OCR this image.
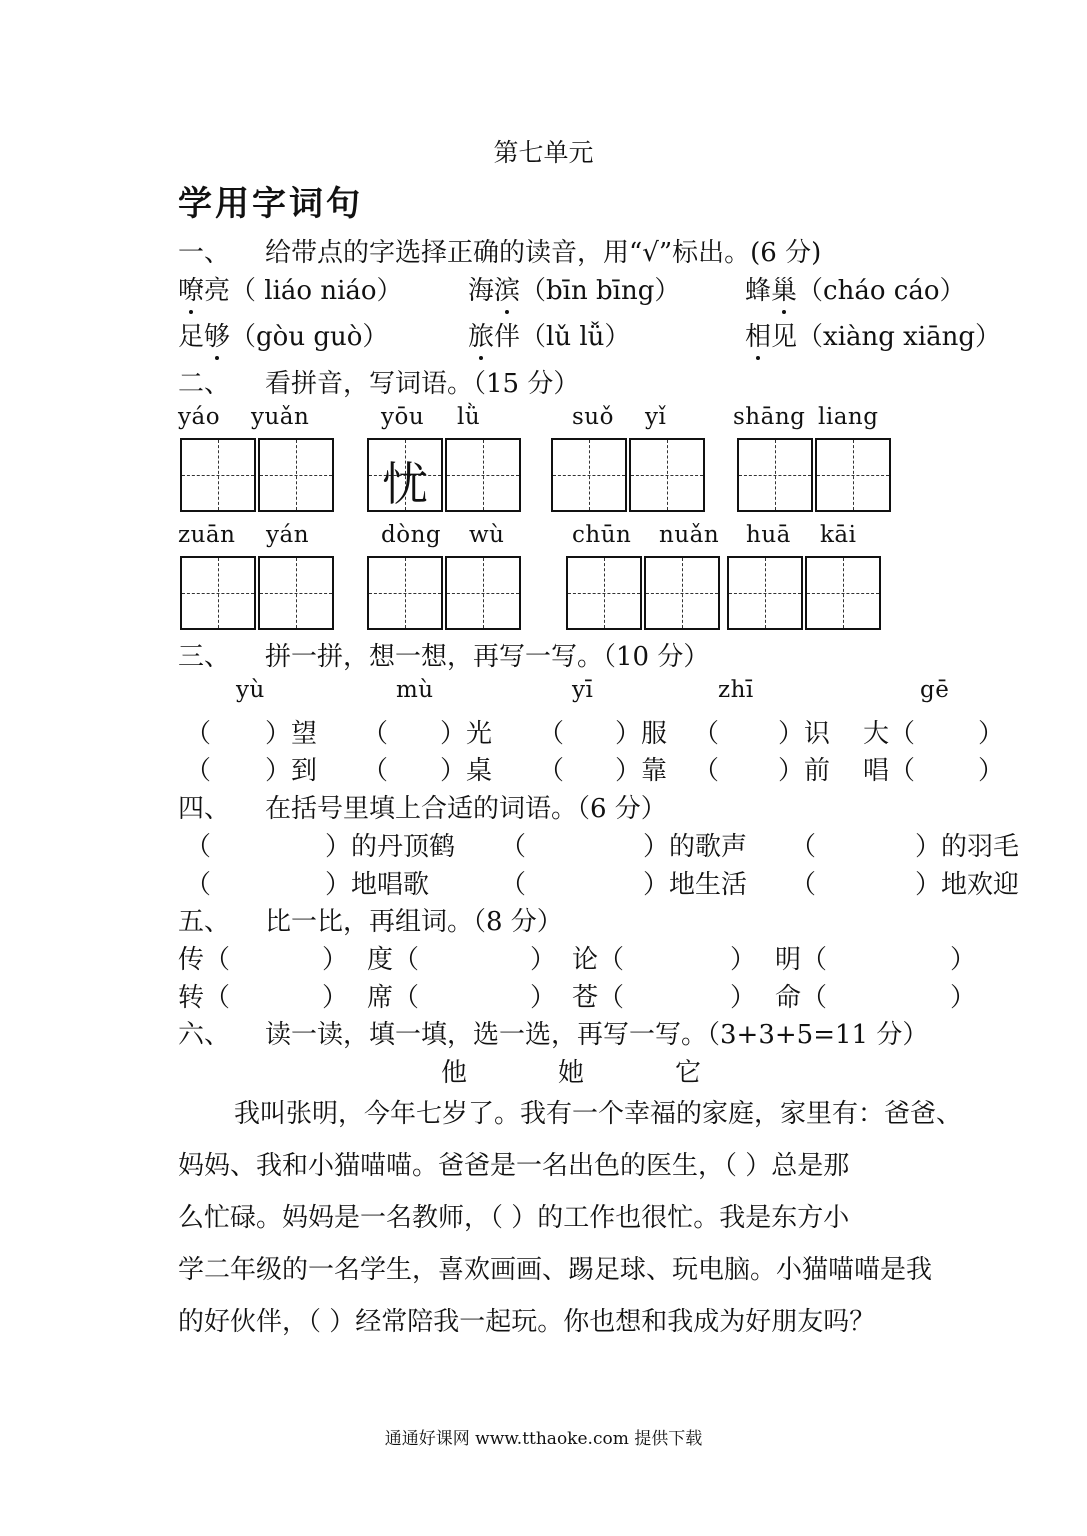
第七单元
学用字词句
一、 给带点的字选择正确的读音，用“√”标出。(6 分)
嘹亮（ liáo niáo）	海滨（bīn bīng） 蜂巢（cháo cáo）
足够（gòu guò）	旅伴（lǔ lǚ）	相见（xiàng xiāng）
二、 看拼音，写词语。（15 分）
yáo yuǎn	yōu lǜ	suǒ yǐ	shāng liang
忧
zuān yán	dòng wù	chūn nuǎn huā kāi
三、 拼一拼，想一想，再写一写。（10 分）
yù	mù	yī	zhī	gē
（ ）望 （ ）光 （ ）服 （ ）识 大（ ）
（ ）到 （ ）桌 （ ）靠 （ ）前 唱（ ）
四、 在括号里填上合适的词语。（6 分）
（	）的丹顶鹤 （	）的歌声 （	）的羽毛
（	）地唱歌	（	）地生活 （	）地欢迎
五、 比一比，再组词。（8 分）
传（	） 度（	） 论（	） 明（	）
转（	） 席（	） 苍（	） 命（	）
六、 读一读，填一填，选一选，再写一写。（3+3+5=11 分）
他	她	它
我叫张明，今年七岁了。我有一个幸福的家庭，家里有：爸爸、
妈妈、我和小猫喵喵。爸爸是一名出色的医生，（ ）总是那
么忙碌。妈妈是一名教师，（ ）的工作也很忙。我是东方小
学二年级的一名学生，喜欢画画、踢足球、玩电脑。小猫喵喵是我
的好伙伴，（ ）经常陪我一起玩。你也想和我成为好朋友吗？
通通好课网 www.tthaoke.com 提供下载
